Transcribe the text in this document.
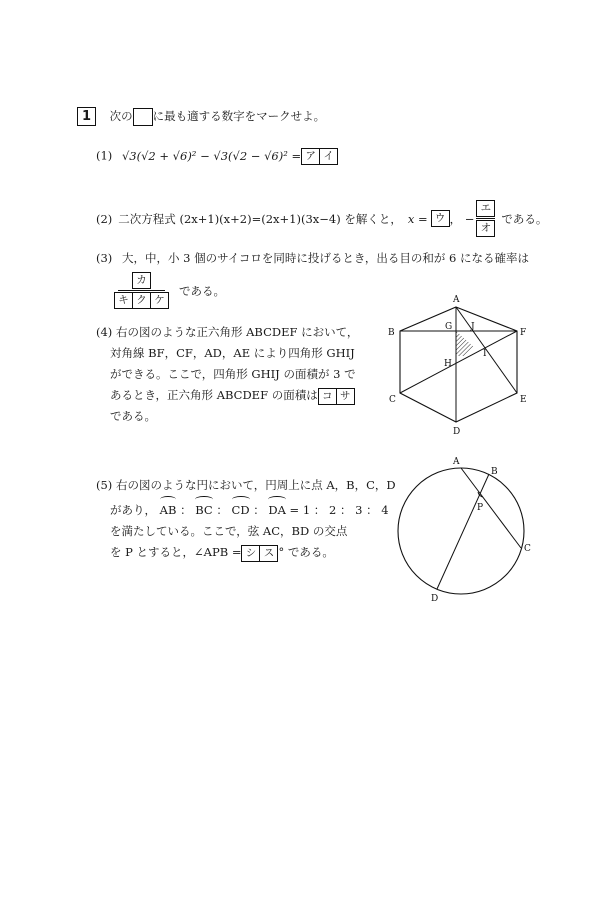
1 次の に最も適する数字をマークせよ。
(1) √3(√2 + √6)² − √3(√2 − √6)² = ア イ
(2) 二次方程式 (2x+1)(x+2)=(2x+1)(3x−4) を解くと， x = ウ ， − $\frac{\text{エ}}{\text{オ}}$ である。
(3) 大，中，小 3 個のサイコロを同時に投げるとき，出る目の和が 6 になる確率は
$\frac{\text{カ}}{\text{キ ク ケ}}$ である。
(4) 右の図のような正六角形 ABCDEF において，
対角線 BF，CF，AD，AE により四角形 GHIJ
ができる。ここで，四角形 GHIJ の面積が 3 で
あるとき，正六角形 ABCDEF の面積は コ サ
である。
A
B
C
D
E
F
G
H
I
J
(5) 右の図のような円において，円周上に点 A，B，C，D
があり， AB ： BC ： CD ： DA = 1 ： 2 ： 3 ： 4
を満たしている。ここで，弦 AC，BD の交点
を P とすると，∠APB = シ ス ° である。
A
B
C
D
P
